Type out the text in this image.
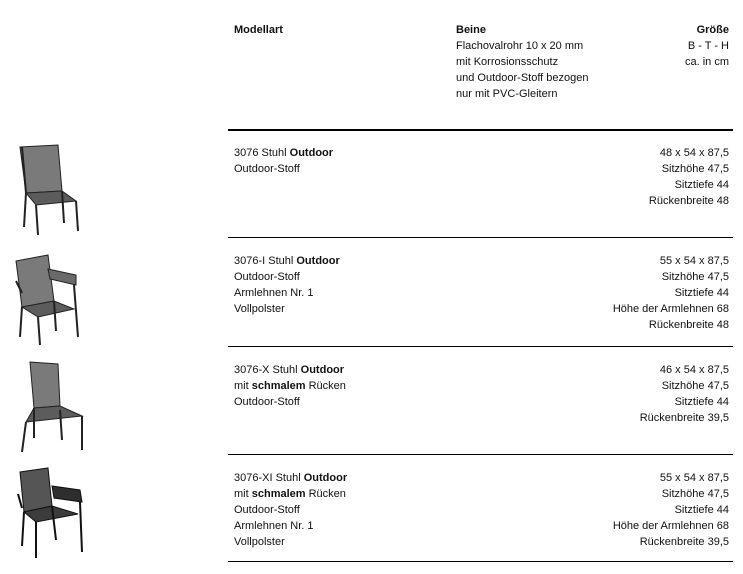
Modellart	Beine
Flachovalrohr 10 x 20 mm
mit Korrosionsschutz
und Outdoor-Stoff bezogen
nur mit PVC-Gleitern
Größe
B - T - H
ca. in cm
3076 Stuhl Outdoor
Outdoor-Stoff
48 x 54 x 87,5
Sitzhöhe 47,5
Sitztiefe 44
Rückenbreite 48
3076-I Stuhl Outdoor
Outdoor-Stoff
Armlehnen Nr. 1
Vollpolster
55 x 54 x 87,5
Sitzhöhe 47,5
Sitztiefe 44
Höhe der Armlehnen 68
Rückenbreite 48
3076-X Stuhl Outdoor
mit schmalem Rücken
Outdoor-Stoff
46 x 54 x 87,5
Sitzhöhe 47,5
Sitztiefe 44
Rückenbreite 39,5
3076-XI Stuhl Outdoor
mit schmalem Rücken
Outdoor-Stoff
Armlehnen Nr. 1
Vollpolster
55 x 54 x 87,5
Sitzhöhe 47,5
Sitztiefe 44
Höhe der Armlehnen 68
Rückenbreite 39,5
